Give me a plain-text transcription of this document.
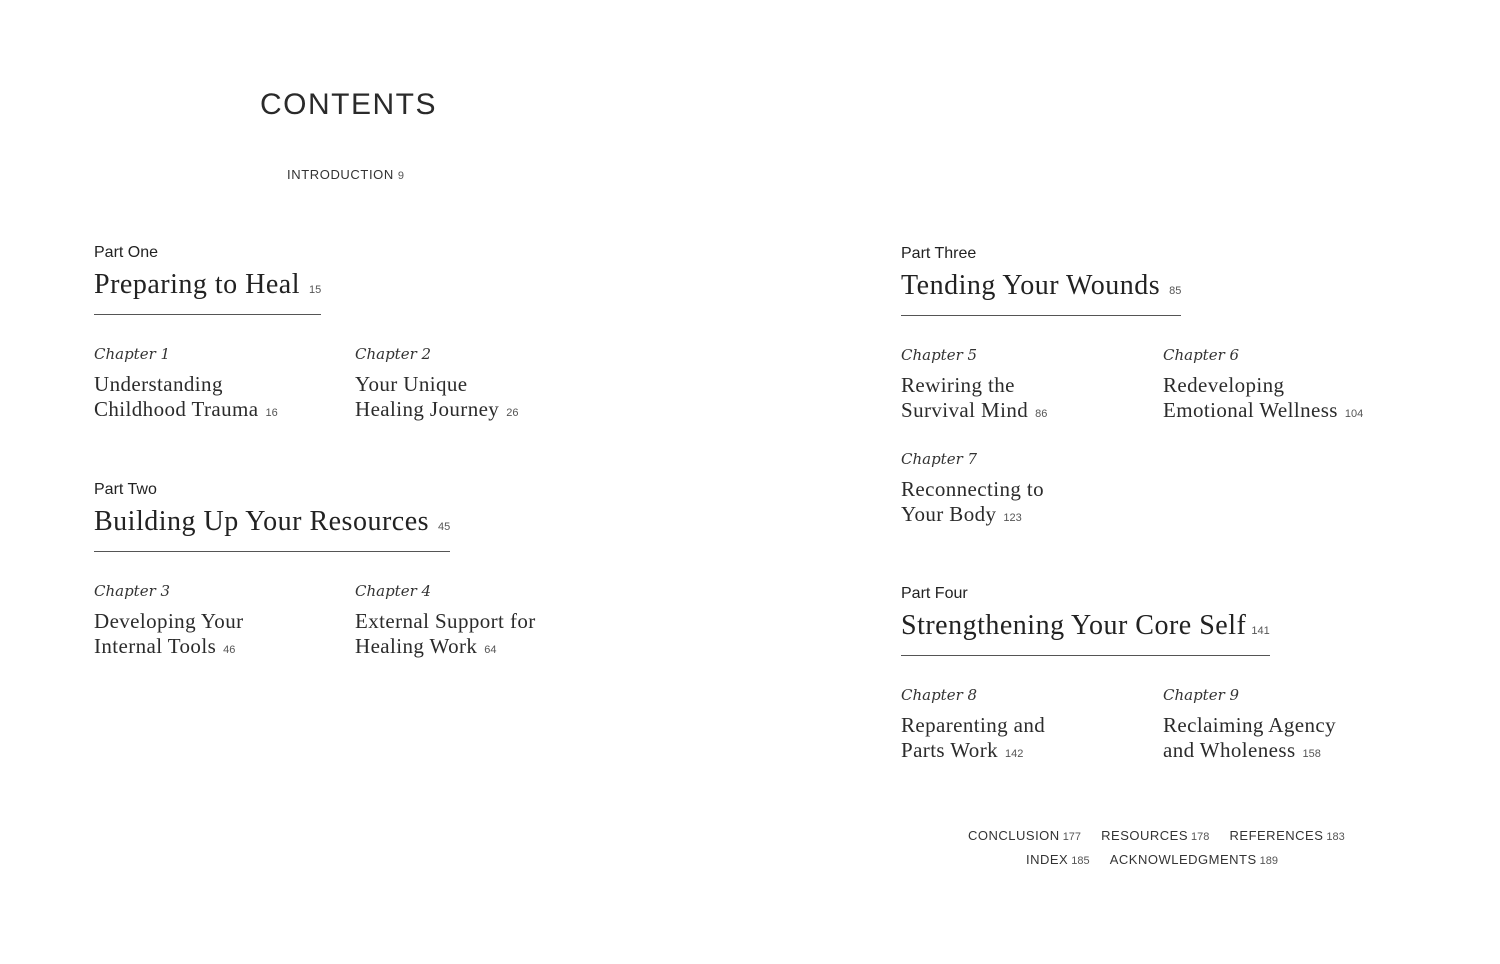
CONTENTS
INTRODUCTION 9
Part One
Preparing to Heal 15
Chapter 1
Understanding
Childhood Trauma 16
Chapter 2
Your Unique
Healing Journey 26
Part Two
Building Up Your Resources 45
Chapter 3
Developing Your
Internal Tools 46
Chapter 4
External Support for
Healing Work 64
Part Three
Tending Your Wounds 85
Chapter 5
Rewiring the
Survival Mind 86
Chapter 6
Redeveloping
Emotional Wellness 104
Chapter 7
Reconnecting to
Your Body 123
Part Four
Strengthening Your Core Self 141
Chapter 8
Reparenting and
Parts Work 142
Chapter 9
Reclaiming Agency
and Wholeness 158
CONCLUSION 177 RESOURCES 178 REFERENCES 183
INDEX 185 ACKNOWLEDGMENTS 189
